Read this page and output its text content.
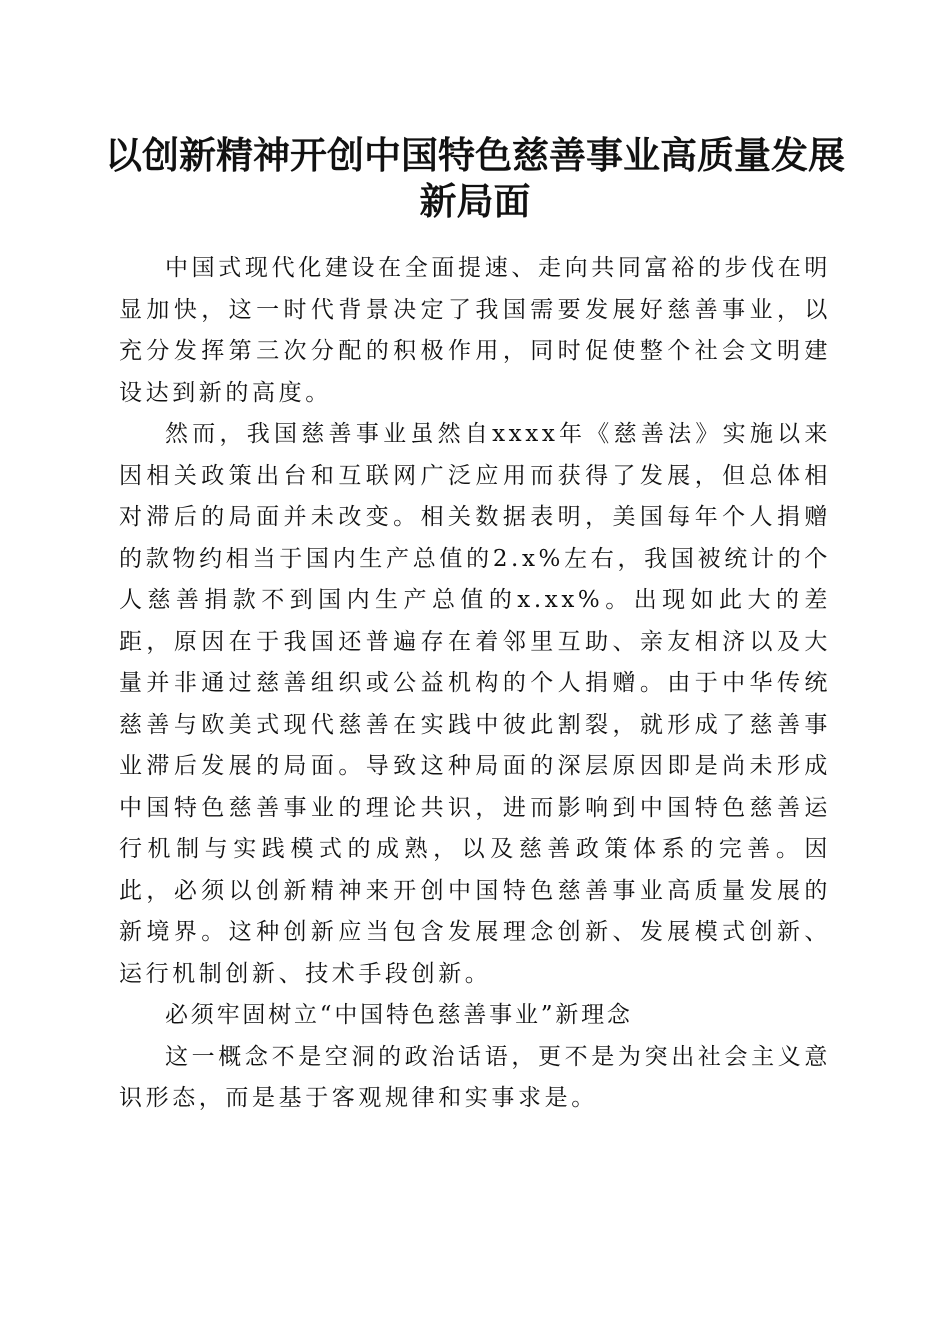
以创新精神开创中国特色慈善事业高质量发展
新局面

中国式现代化建设在全面提速、走向共同富裕的步伐在明显加快，这一时代背景决定了我国需要发展好慈善事业，以充分发挥第三次分配的积极作用，同时促使整个社会文明建设达到新的高度。

然而，我国慈善事业虽然自xxxx年《慈善法》实施以来因相关政策出台和互联网广泛应用而获得了发展，但总体相对滞后的局面并未改变。相关数据表明，美国每年个人捐赠的款物约相当于国内生产总值的2.x%左右，我国被统计的个人慈善捐款不到国内生产总值的x.xx%。出现如此大的差距，原因在于我国还普遍存在着邻里互助、亲友相济以及大量并非通过慈善组织或公益机构的个人捐赠。由于中华传统慈善与欧美式现代慈善在实践中彼此割裂，就形成了慈善事业滞后发展的局面。导致这种局面的深层原因即是尚未形成中国特色慈善事业的理论共识，进而影响到中国特色慈善运行机制与实践模式的成熟，以及慈善政策体系的完善。因此，必须以创新精神来开创中国特色慈善事业高质量发展的新境界。这种创新应当包含发展理念创新、发展模式创新、运行机制创新、技术手段创新。

必须牢固树立“中国特色慈善事业”新理念

这一概念不是空洞的政治话语，更不是为突出社会主义意识形态，而是基于客观规律和实事求是。
